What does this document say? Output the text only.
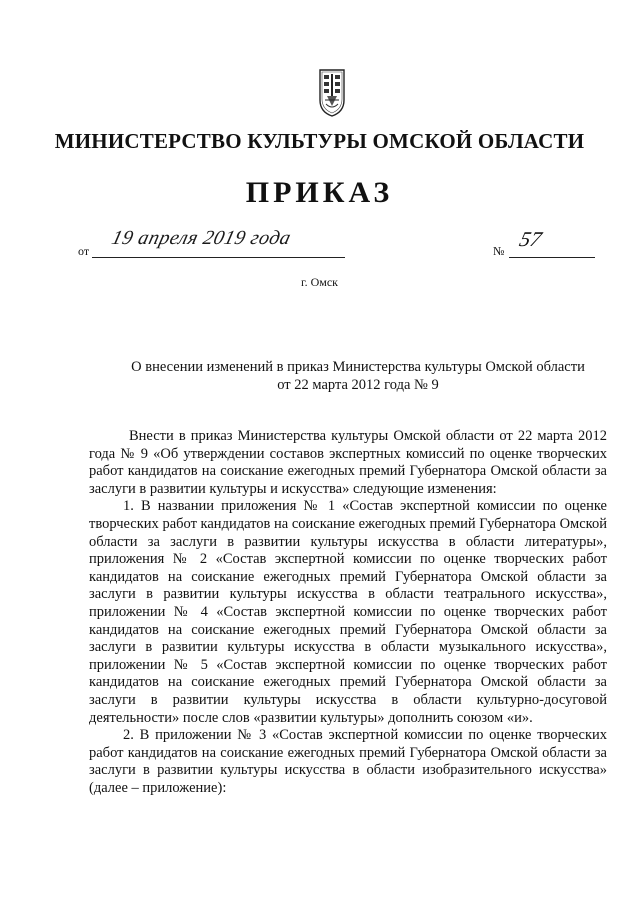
МИНИСТЕРСТВО КУЛЬТУРЫ ОМСКОЙ ОБЛАСТИ
ПРИКАЗ
от
19 апреля 2019 года
№ 57
г. Омск
О внесении изменений в приказ Министерства культуры Омской области
от 22 марта 2012 года № 9

Внести в приказ Министерства культуры Омской области от 22 марта 2012 года № 9 «Об утверждении составов экспертных комиссий по оценке творческих работ кандидатов на соискание ежегодных премий Губернатора Омской области за заслуги в развитии культуры и искусства» следующие изменения:

1. В названии приложения № 1 «Состав экспертной комиссии по оценке творческих работ кандидатов на соискание ежегодных премий Губернатора Омской области за заслуги в развитии культуры искусства в области литературы», приложения № 2 «Состав экспертной комиссии по оценке творческих работ кандидатов на соискание ежегодных премий Губернатора Омской области за заслуги в развитии культуры искусства в области театрального искусства», приложении № 4 «Состав экспертной комиссии по оценке творческих работ кандидатов на соискание ежегодных премий Губернатора Омской области за заслуги в развитии культуры искусства в области музыкального искусства», приложении № 5 «Состав экспертной комиссии по оценке творческих работ кандидатов на соискание ежегодных премий Губернатора Омской области за заслуги в развитии культуры искусства в области культурно-досуговой деятельности» после слов «развитии культуры» дополнить союзом «и».

2. В приложении № 3 «Состав экспертной комиссии по оценке творческих работ кандидатов на соискание ежегодных премий Губернатора Омской области за заслуги в развитии культуры искусства в области изобразительного искусства» (далее – приложение):
